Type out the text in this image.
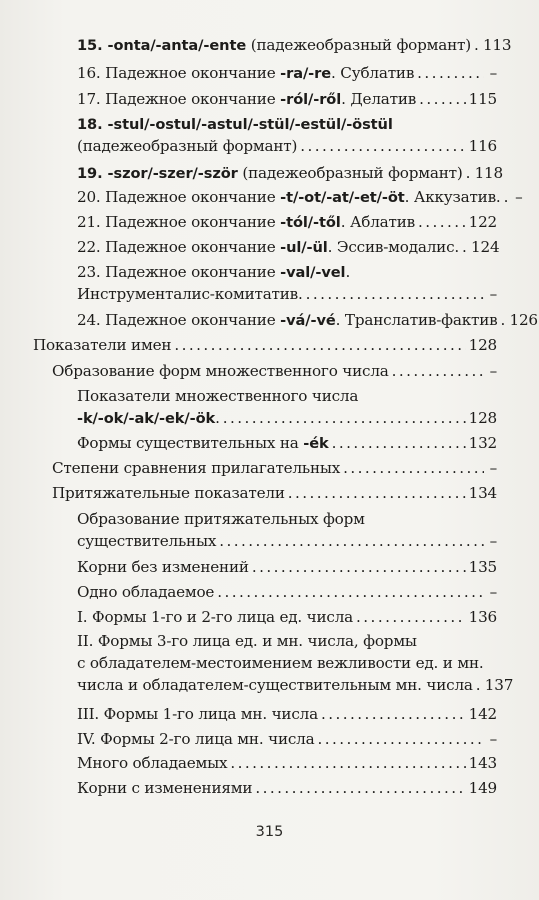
15. -onta/-anta/-ente (падежеобразный формант) . . . 113
16. Падежное окончание -ra/-re. Сублатив . . .	–
17. Падежное окончание -ról/-ről. Делатив . . .	115
18. -stul/-ostul/-astul/-stül/-estül/-östül
(падежеобразный формант) . . .	116
19. -szor/-szer/-ször (падежеобразный формант) . . . 118
20. Падежное окончание -t/-ot/-at/-et/-öt. Аккузатив. . . . –
21. Падежное окончание -tól/-től. Аблатив . . .	122
22. Падежное окончание -ul/-ül. Эссив-модалис. . . . 124
23. Падежное окончание -val/-vel.
Инструменталис-комитатив. . . .	–
24. Падежное окончание -vá/-vé. Транслатив-фактив . . . 126
Показатели имен . . .	128
Образование форм множественного числа . . .	–
Показатели множественного числа
-k/-ok/-ak/-ek/-ök. . . .	128
Формы существительных на -ék . . .	132
Степени сравнения прилагательных . . .	–
Притяжательные показатели . . .	134
Образование притяжательных форм
существительных . . .	–
Корни без изменений . . .	135
Одно обладаемое . . .	–
I. Формы 1-го и 2-го лица ед. числа . . .	136
II. Формы 3-го лица ед. и мн. числа, формы
с обладателем-местоимением вежливости ед. и мн.
числа и обладателем-существительным мн. числа . . . 137
III. Формы 1-го лица мн. числа . . .	142
IV. Формы 2-го лица мн. числа . . .	–
Много обладаемых . . .	143
Корни с изменениями . . .	149
315
